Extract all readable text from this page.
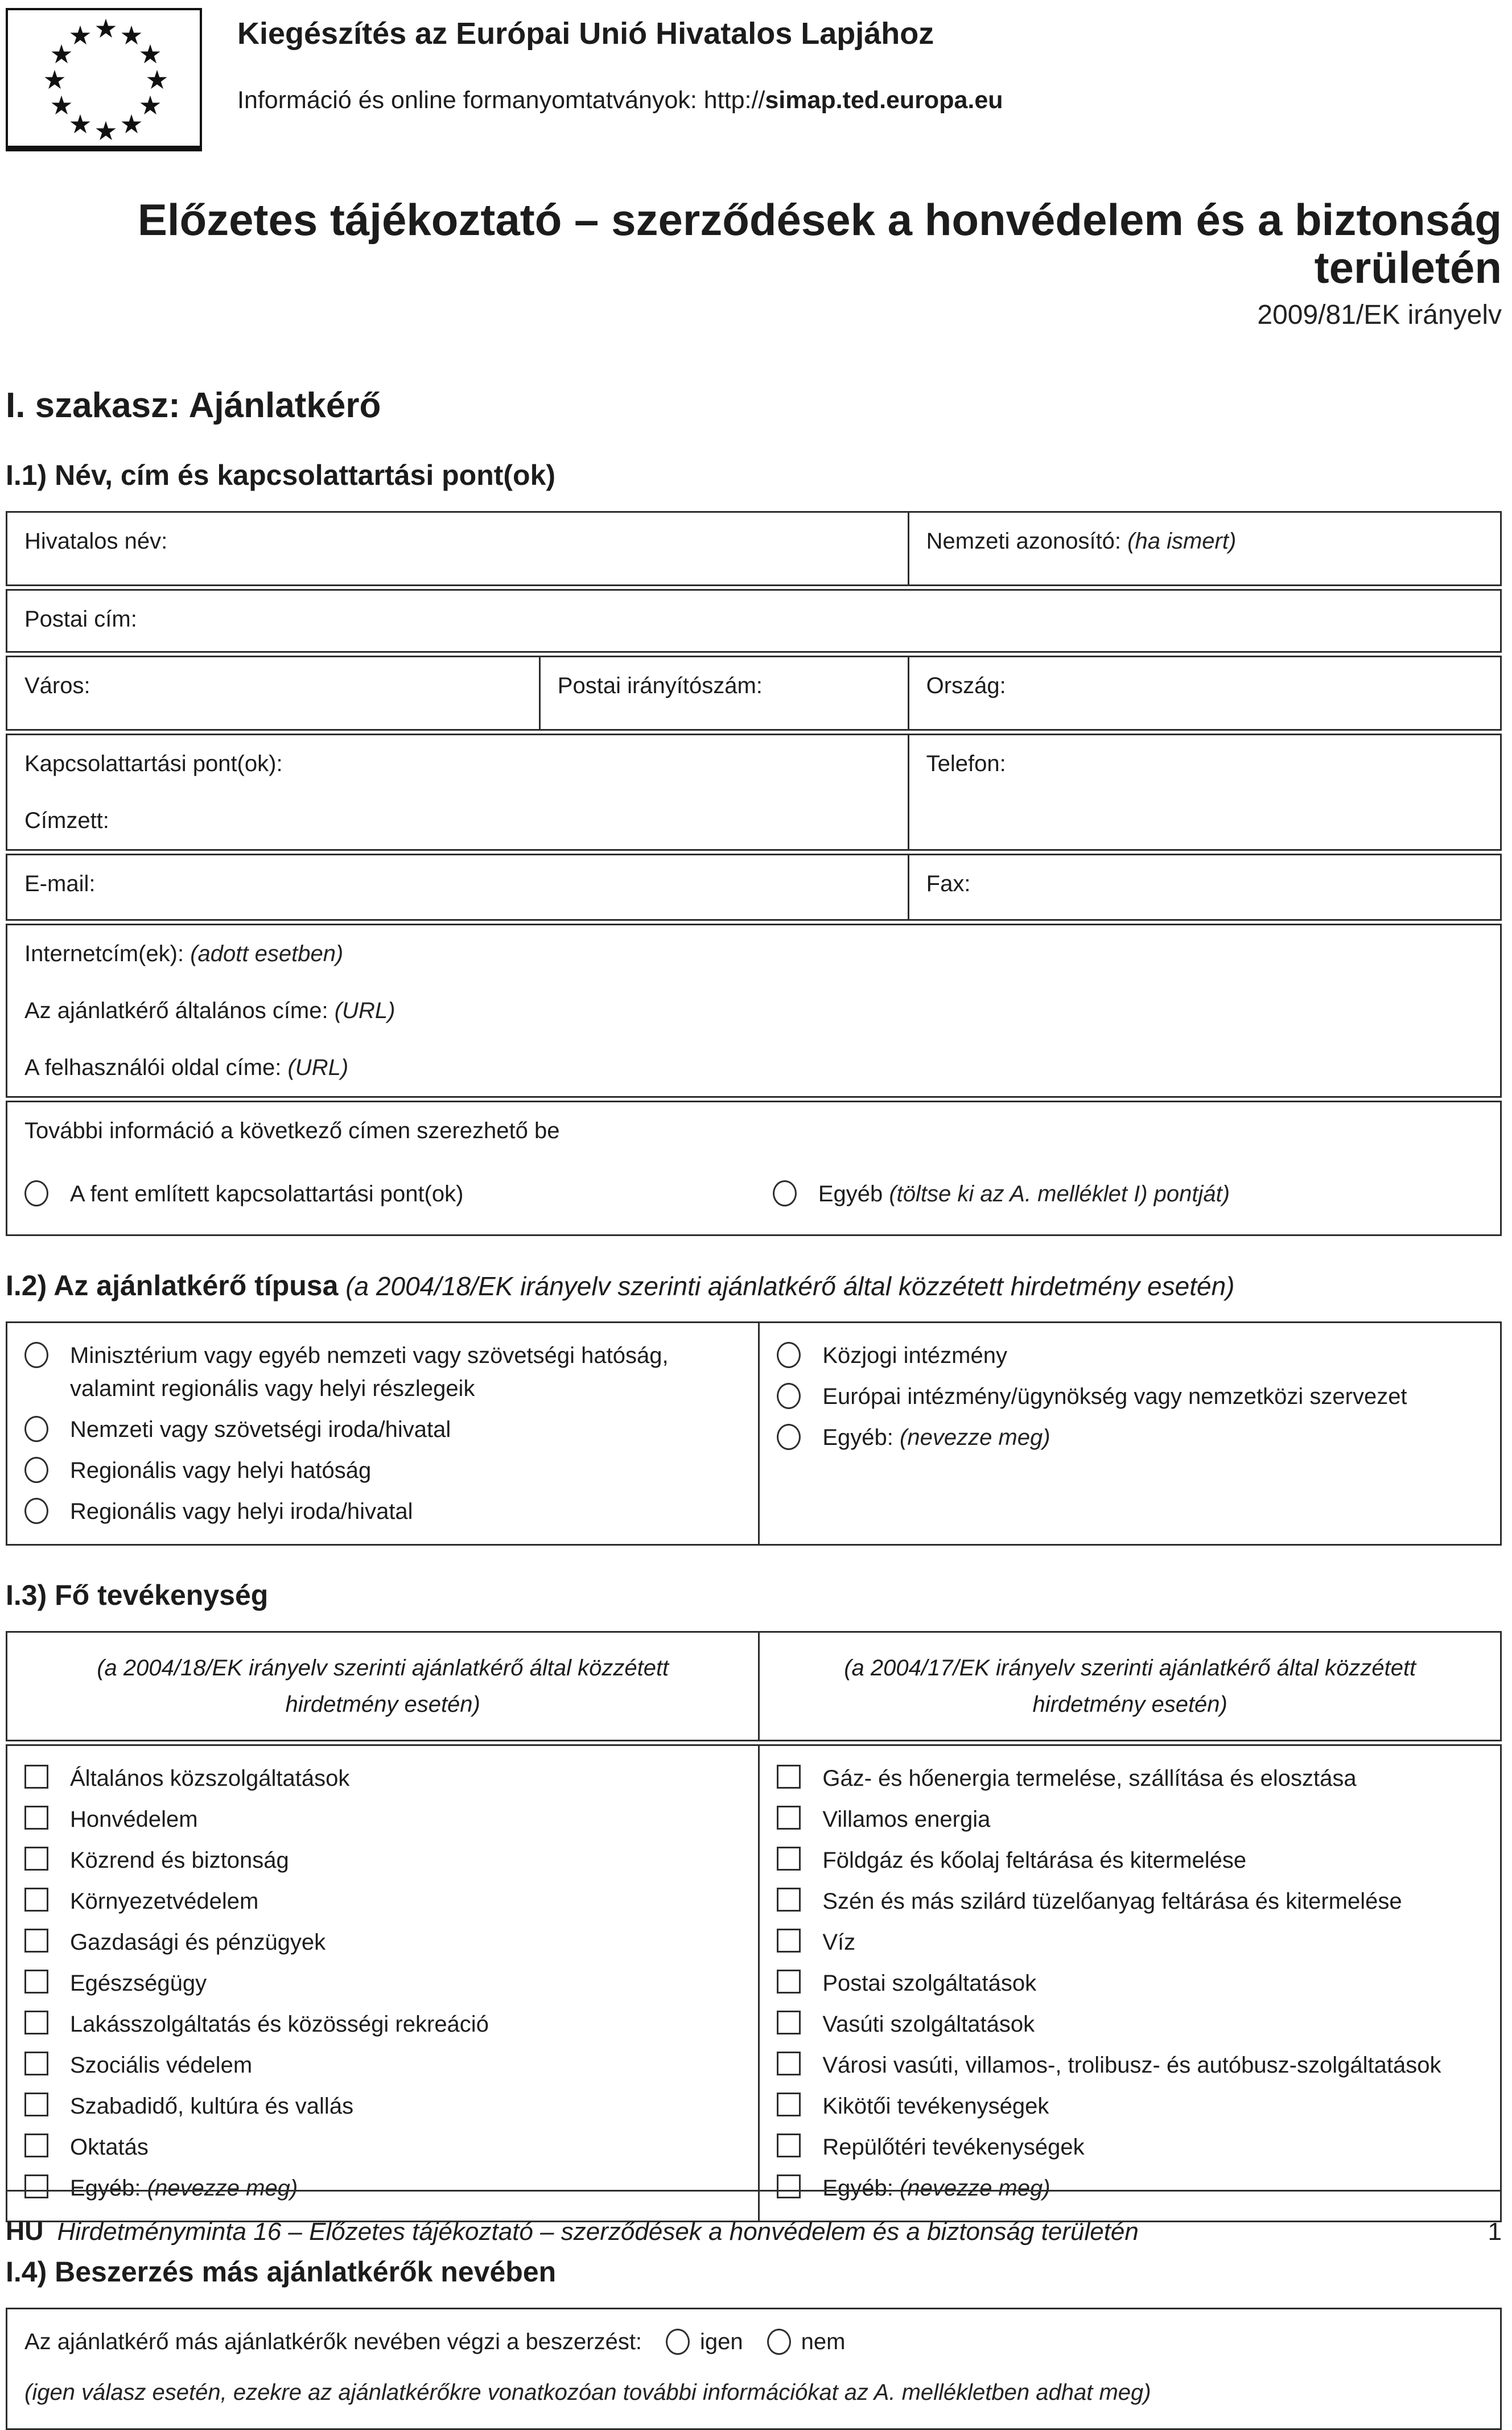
★ ★
★
★
★
★
★
★
★
★
★
★	Kiegészítés az Európai Unió Hivatalos Lapjához
Információ és online formanyomtatványok: http://simap.ted.europa.eu
Előzetes tájékoztató – szerződések a honvédelem és a biztonság területén
2009/81/EK irányelv
I. szakasz: Ajánlatkérő
I.1) Név, cím és kapcsolattartási pont(ok)
Hivatalos név:	Nemzeti azonosító: (ha ismert)
Postai cím:
Város:	Postai irányítószám:	Ország:
Kapcsolattartási pont(ok):
Címzett:
Telefon:
E-mail:	Fax:
Internetcím(ek): (adott esetben)
Az ajánlatkérő általános címe: (URL)
A felhasználói oldal címe: (URL)
További információ a következő címen szerezhető be
A fent említett kapcsolattartási pont(ok)	Egyéb (töltse ki az A. melléklet I) pontját)
I.2) Az ajánlatkérő típusa (a 2004/18/EK irányelv szerinti ajánlatkérő által közzétett hirdetmény esetén)
Minisztérium vagy egyéb nemzeti vagy szövetségi hatóság, valamint regionális vagy helyi részlegeik
Nemzeti vagy szövetségi iroda/hivatal
Regionális vagy helyi hatóság
Regionális vagy helyi iroda/hivatal
Közjogi intézmény
Európai intézmény/ügynökség vagy nemzetközi szervezet
Egyéb: (nevezze meg)
I.3) Fő tevékenység
(a 2004/18/EK irányelv szerinti ajánlatkérő által közzétett hirdetmény esetén)
(a 2004/17/EK irányelv szerinti ajánlatkérő által közzétett hirdetmény esetén)
Általános közszolgáltatások
Honvédelem
Közrend és biztonság
Környezetvédelem
Gazdasági és pénzügyek
Egészségügy
Lakásszolgáltatás és közösségi rekreáció
Szociális védelem
Szabadidő, kultúra és vallás
Oktatás
Egyéb: (nevezze meg)
Gáz- és hőenergia termelése, szállítása és elosztása
Villamos energia
Földgáz és kőolaj feltárása és kitermelése
Szén és más szilárd tüzelőanyag feltárása és kitermelése
Víz
Postai szolgáltatások
Vasúti szolgáltatások
Városi vasúti, villamos-, trolibusz- és autóbusz-szolgáltatások
Kikötői tevékenységek
Repülőtéri tevékenységek
Egyéb: (nevezze meg)
I.4) Beszerzés más ajánlatkérők nevében
Az ajánlatkérő más ajánlatkérők nevében végzi a beszerzést:	igen	nem
(igen válasz esetén, ezekre az ajánlatkérőkre vonatkozóan további információkat az A. mellékletben adhat meg)
HU Hirdetményminta 16 – Előzetes tájékoztató – szerződések a honvédelem és a biztonság területén	1
